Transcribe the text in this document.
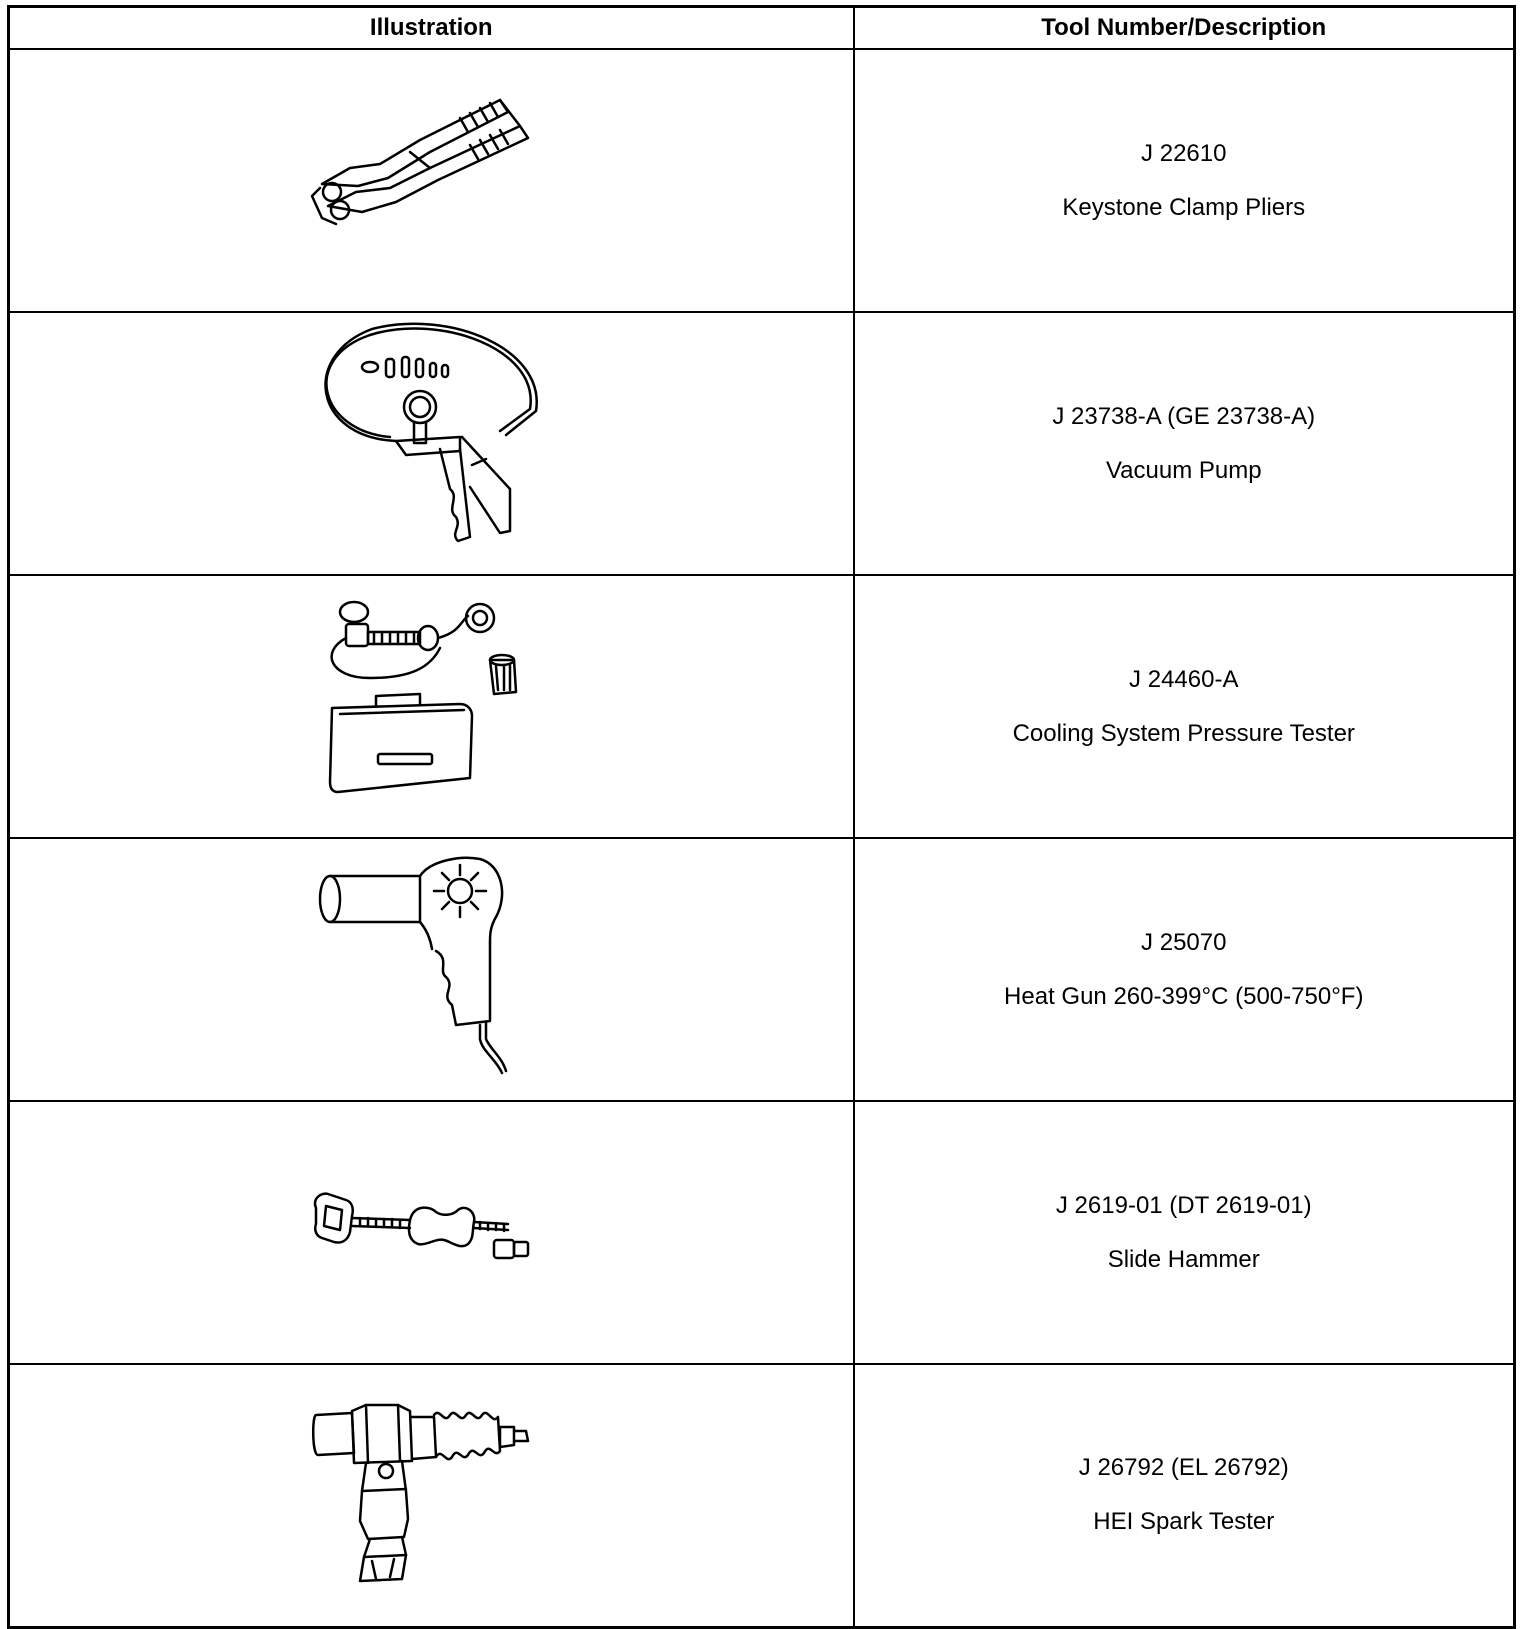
Illustration	Tool Number/Description

J 22610
Keystone Clamp Pliers

J 23738-A (GE 23738-A)
Vacuum Pump

J 24460-A
Cooling System Pressure Tester

J 25070
Heat Gun 260-399°C (500-750°F)

J 2619-01 (DT 2619-01)
Slide Hammer

J 26792 (EL 26792)
HEI Spark Tester
